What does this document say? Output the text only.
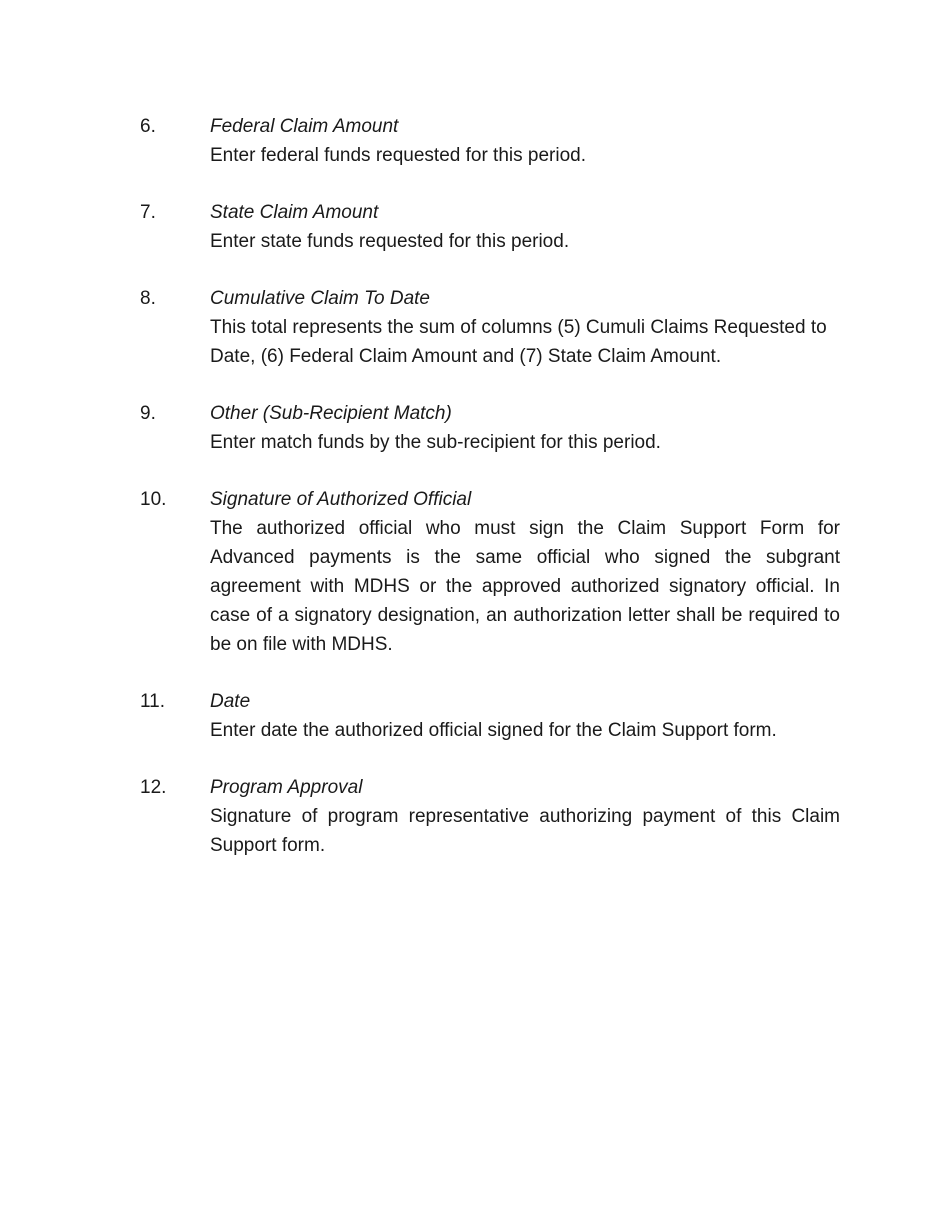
6.	Federal Claim Amount
Enter federal funds requested for this period.
7.	State Claim Amount
Enter state funds requested for this period.
8.	Cumulative Claim To Date
This total represents the sum of columns (5) Cumuli Claims Requested to Date, (6) Federal Claim Amount and (7) State Claim Amount.
9.	Other (Sub-Recipient Match)
Enter match funds by the sub-recipient for this period.
10.	Signature of Authorized Official
The authorized official who must sign the Claim Support Form for Advanced payments is the same official who signed the subgrant agreement with MDHS or the approved authorized signatory official. In case of a signatory designation, an authorization letter shall be required to be on file with MDHS.
11.	Date
Enter date the authorized official signed for the Claim Support form.
12.	Program Approval
Signature of program representative authorizing payment of this Claim Support form.
